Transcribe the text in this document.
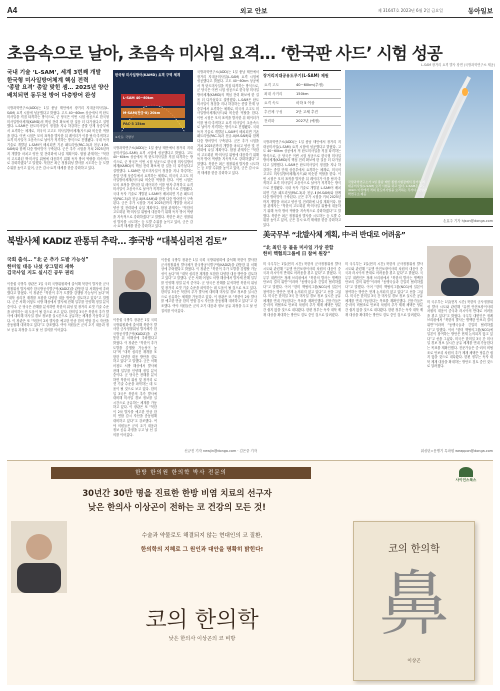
A4	외교 안보	제 31647호 2023년 6월 2일 금요일	동아일보
초음속으로 날아, 초음속 미사일 요격… ‘한국판 사드’ 시험 성공
L-SAM 장거리 요격 발사 장면 (국방과학연구소 제공)
국내 기술 ‘L-SAM’, 세계 3번째 개발
한국형 미사일방어체계 핵심 전력
‘종말 요격’ 총알 맞힌 셈… 2025년 양산
배치되면 동두천 방어 다층방어 완성
국방과학연구소(ADD)는 1일 충남 태안에서 장거리 지대공미사일(L-SAM) 요격 시험에 성공했다고 밝혔다. 고도 40~60km 상공에서 적 탄도미사일을 직접 타격하는 방식으로, 군 당국은 이번 시험 성공으로 한국형 미사일방어체계(KAMD)의 핵심 전력 확보에 한 걸음 더 다가섰다고 설명했다. L-SAM은 탄도미사일이 정점을 지나 하강하는 종말 단계 상층부에서 요격하는 체계로, 미국의 고고도 미사일방어체계(사드)와 비슷한 역할을 한다. 이번 시험은 모의 표적을 발사한 뒤 레이더가 이를 탐지·추적하고 요격 미사일이 초음속으로 날아가 직격하는 방식으로 진행됐다. 국내 독자 기술로 개발된 L-SAM이 배치되면 기존 패트리엇(PAC-3)과 천궁-Ⅱ(M-SAM)와 함께 다층 방어망이 구축된다. 군은 추가 시험을 거쳐 2025년까지 개발을 마치고 양산 및 전력화에 나설 계획이다. 합참 관계자는 “북한의 고도화된 핵·미사일 위협에 대응하기 위해 독자 방어 역량을 지속적으로 강화하겠다”고 말했다. 북한은 최근 정찰위성 발사를 시도하는 등 도발 수위를 높이고 있어, 군은 감시·요격 태세를 한층 강화하고 있다.
한국형 미사일방어(KAMD) 요격 구역 체계
L-SAM 40~60km
M-SAM(천궁-Ⅱ) 20km
PAC-3 15km
※자료: 국방부
국방과학연구소(ADD)는 1일 충남 태안에서 장거리 지대공미사일(L-SAM) 요격 시험에 성공했다고 밝혔다. 고도 40~60km 상공에서 적 탄도미사일을 직접 타격하는 방식으로, 군 당국은 이번 시험 성공으로 한국형 미사일방어체계(KAMD)의 핵심 전력 확보에 한 걸음 더 다가섰다고 설명했다. L-SAM은 탄도미사일이 정점을 지나 하강하는 종말 단계 상층부에서 요격하는 체계로, 미국의 고고도 미사일방어체계(사드)와 비슷한 역할을 한다. 이번 시험은 모의 표적을 발사한 뒤 레이더가 이를 탐지·추적하고 요격 미사일이 초음속으로 날아가 직격하는 방식으로 진행됐다. 국내 독자 기술로 개발된 L-SAM이 배치되면 기존 패트리엇(PAC-3)과 천궁-Ⅱ(M-SAM)와 함께 다층 방어망이 구축된다. 군은 추가 시험을 거쳐 2025년까지 개발을 마치고 양산 및 전력화에 나설 계획이다. 합참 관계자는 “북한의 고도화된 핵·미사일 위협에 대응하기 위해 독자 방어 역량을 지속적으로 강화하겠다”고 말했다. 북한은 최근 정찰위성 발사를 시도하는 등 도발 수위를 높이고 있어, 군은 감시·요격 태세를 한층 강화하고 있다.
국방과학연구소(ADD)는 1일 충남 태안에서 장거리 지대공미사일(L-SAM) 요격 시험에 성공했다고 밝혔다. 고도 40~60km 상공에서 적 탄도미사일을 직접 타격하는 방식으로, 군 당국은 이번 시험 성공으로 한국형 미사일방어체계(KAMD)의 핵심 전력 확보에 한 걸음 더 다가섰다고 설명했다. L-SAM은 탄도미사일이 정점을 지나 하강하는 종말 단계 상층부에서 요격하는 체계로, 미국의 고고도 미사일방어체계(사드)와 비슷한 역할을 한다. 이번 시험은 모의 표적을 발사한 뒤 레이더가 이를 탐지·추적하고 요격 미사일이 초음속으로 날아가 직격하는 방식으로 진행됐다. 국내 독자 기술로 개발된 L-SAM이 배치되면 기존 패트리엇(PAC-3)과 천궁-Ⅱ(M-SAM)와 함께 다층 방어망이 구축된다. 군은 추가 시험을 거쳐 2025년까지 개발을 마치고 양산 및 전력화에 나설 계획이다. 합참 관계자는 “북한의 고도화된 핵·미사일 위협에 대응하기 위해 독자 방어 역량을 지속적으로 강화하겠다”고 말했다. 북한은 최근 정찰위성 발사를 시도하는 등 도발 수위를 높이고 있어, 군은 감시·요격 태세를 한층 강화하고 있다.
장거리지대공유도무기(L-SAM) 제원
요격 고도	40~60km(추정)
최대 사거리	150km
요격 속도	마하 5 이상
추진체 구성	2단 고체 추진
전력화	2027년 (예정)
국방과학연구소(ADD)는 1일 충남 태안에서 장거리 지대공미사일(L-SAM) 요격 시험에 성공했다고 밝혔다. 고도 40~60km 상공에서 적 탄도미사일을 직접 타격하는 방식으로, 군 당국은 이번 시험 성공으로 한국형 미사일방어체계(KAMD)의 핵심 전력 확보에 한 걸음 더 다가섰다고 설명했다. L-SAM은 탄도미사일이 정점을 지나 하강하는 종말 단계 상층부에서 요격하는 체계로, 미국의 고고도 미사일방어체계(사드)와 비슷한 역할을 한다. 이번 시험은 모의 표적을 발사한 뒤 레이더가 이를 탐지·추적하고 요격 미사일이 초음속으로 날아가 직격하는 방식으로 진행됐다. 국내 독자 기술로 개발된 L-SAM이 배치되면 기존 패트리엇(PAC-3)과 천궁-Ⅱ(M-SAM)와 함께 다층 방어망이 구축된다. 군은 추가 시험을 거쳐 2025년까지 개발을 마치고 양산 및 전력화에 나설 계획이다. 합참 관계자는 “북한의 고도화된 핵·미사일 위협에 대응하기 위해 독자 방어 역량을 지속적으로 강화하겠다”고 말했다. 북한은 최근 정찰위성 발사를 시도하는 등 도발 수위를 높이고 있어, 군은 감시·요격 태세를 한층 강화하고 있다.
국방과학연구소가 1일 충남 태안 종합시험장에서 장거리 지대공미사일(L-SAM) 요격 시험을 하고 있다. L-SAM은 고도 40km 이상에서 적의 탄도미사일을 요격하는 무기다. 국방과학연구소 제공
손효주 기자 hjson@donga.com
美국무부 “北발사체 계획, 中·러 반대로 어려움”
“北 최인 등 불을 미사일 가상 관합
한미 핵협의그룹에 日 참여 원장”
미 국무부는 1일(현지 시간) 북한의 군사정찰위성 발사 시도와 관련해 “유엔 안전보장이사회 차원의 대응이 중국과 러시아의 반대로 어려움을 겪고 있다”고 밝혔다. 국무부 대변인은 정례 브리핑에서 “북한의 발사는 명백한 안보리 결의 위반”이라며 “동맹국들과 긴밀히 협력하겠다”고 말했다. 이어 “한미 핵협의그룹(NCG)에 일본이 참여하는 방안은 현재 논의되지 않고 있다”고 선을 그었다. 미국은 한미일 3국 간 미사일 경보 정보 실시간 공유 체계를 연내 가동한다는 목표를 재확인했다. 전문가들은 중·러의 비협조로 안보리 차원의 추가 제재 채택은 당분간 쉽지 않을 것으로 내다봤다. 한편 정부는 독자 대북 제재 대상을 확대하는 방안도 검토 중인 것으로 알려졌다.
미 국무부는 1일(현지 시간) 북한의 군사정찰위성 발사 시도와 관련해 “유엔 안전보장이사회 차원의 대응이 중국과 러시아의 반대로 어려움을 겪고 있다”고 밝혔다. 국무부 대변인은 정례 브리핑에서 “북한의 발사는 명백한 안보리 결의 위반”이라며 “동맹국들과 긴밀히 협력하겠다”고 말했다. 이어 “한미 핵협의그룹(NCG)에 일본이 참여하는 방안은 현재 논의되지 않고 있다”고 선을 그었다. 미국은 한미일 3국 간 미사일 경보 정보 실시간 공유 체계를 연내 가동한다는 목표를 재확인했다. 전문가들은 중·러의 비협조로 안보리 차원의 추가 제재 채택은 당분간 쉽지 않을 것으로 내다봤다. 한편 정부는 독자 대북 제재 대상을 확대하는 방안도 검토 중인 것으로 알려졌다.
미 국무부는 1일(현지 시간) 북한의 군사정찰위성 발사 시도와 관련해 “유엔 안전보장이사회 차원의 대응이 중국과 러시아의 반대로 어려움을 겪고 있다”고 밝혔다. 국무부 대변인은 정례 브리핑에서 “북한의 발사는 명백한 안보리 결의 위반”이라며 “동맹국들과 긴밀히 협력하겠다”고 말했다. 이어 “한미 핵협의그룹(NCG)에 일본이 참여하는 방안은 현재 논의되지 않고 있다”고 선을 그었다. 미국은 한미일 3국 간 미사일 경보 정보 실시간 공유 체계를 연내 가동한다는 목표를 재확인했다. 전문가들은 중·러의 비협조로 안보리 차원의 추가 제재 채택은 당분간 쉽지 않을 것으로 내다봤다. 한편 정부는 독자 대북 제재 대상을 확대하는 방안도 검토 중인 것으로 알려졌다.
워싱턴=문병기 특파원 weappon@donga.com
북발사체 KADIZ 관통뒤 추락… 李국방 “대북심리전 검토”
국회 출석… “北 군 추가 도발 가능성”
한미일 대응 나섰 상그밀리 새하
김국사일 지도 실시긴 공두 권리
이종섭 국방부 장관은 1일 국회 국방위원회에 출석해 북한이 발사한 군사정찰위성 발사체가 한국방공식별구역(KADIZ)을 관통한 뒤 서해상에 추락했다고 밝혔다. 이 장관은 “북한이 추가 도발을 감행할 가능성이 높다”며 “대북 심리전 재개를 포함한 다양한 대응 방안을 검토하고 있다”고 말했다. 군은 서해 어청도 서방 해상에서 발사체 잔해 일부를 인양해 정밀 분석 중이다. 군 당국은 잔해를 분석하면 북한의 위성 및 장거리 로켓 기술 수준을 파악하는 데 도움이 될 것으로 보고 있다. 한미일 3국은 북한의 추가 발사에 대비해 미사일 경보 정보를 실시간으로 공유하는 체계를 가동하고 있다. 이 장관은 또 “북한이 2차 발사를 예고한 만큼 한미 연합 감시 자산을 총동원해 대비하고 있다”고 강조했다. 여야 의원들은 군의 초기 대응과 정보 공유 과정을 두고 날 선 질의를 이어갔다.
이종섭 국방부 장관은 1일 국회 국방위원회에 출석해 북한이 발사한 군사정찰위성 발사체가 한국방공식별구역(KADIZ)을 관통한 뒤 서해상에 추락했다고 밝혔다. 이 장관은 “북한이 추가 도발을 감행할 가능성이 높다”며 “대북 심리전 재개를 포함한 다양한 대응 방안을 검토하고 있다”고 말했다. 군은 서해 어청도 서방 해상에서 발사체 잔해 일부를 인양해 정밀 분석 중이다. 군 당국은 잔해를 분석하면 북한의 위성 및 장거리 로켓 기술 수준을 파악하는 데 도움이 될 것으로 보고 있다. 한미일 3국은 북한의 추가 발사에 대비해 미사일 경보 정보를 실시간으로 공유하는 체계를 가동하고 있다. 이 장관은 또 “북한이 2차 발사를 예고한 만큼 한미 연합 감시 자산을 총동원해 대비하고 있다”고 강조했다. 여야 의원들은 군의 초기 대응과 정보 공유 과정을 두고 날 선 질의를 이어갔다.
이종섭 국방부 장관은 1일 국회 국방위원회에 출석해 북한이 발사한 군사정찰위성 발사체가 한국방공식별구역(KADIZ)을 관통한 뒤 서해상에 추락했다고 밝혔다. 이 장관은 “북한이 추가 도발을 감행할 가능성이 높다”며 “대북 심리전 재개를 포함한 다양한 대응 방안을 검토하고 있다”고 말했다. 군은 서해 어청도 서방 해상에서 발사체 잔해 일부를 인양해 정밀 분석 중이다. 군 당국은 잔해를 분석하면 북한의 위성 및 장거리 로켓 기술 수준을 파악하는 데 도움이 될 것으로 보고 있다. 한미일 3국은 북한의 추가 발사에 대비해 미사일 경보 정보를 실시간으로 공유하는 체계를 가동하고 있다. 이 장관은 또 “북한이 2차 발사를 예고한 만큼 한미 연합 감시 자산을 총동원해 대비하고 있다”고 강조했다. 여야 의원들은 군의 초기 대응과 정보 공유 과정을 두고 날 선 질의를 이어갔다.
신규진 기자 newjin@donga.com · 김은중 기자
한방 한의원 한의학 박사 전문의
사이언스북스
30년간 30만 명을 진료한 한방 비염 치료의 선구자
낮은 한의사 이상곤이 전하는 코 건강의 모든 것!
수술과 약물로도 해결되지 않는 현대인의 코 질환,
한의학의 지혜로 그 원인과 대안을 명확히 밝힌다!
코의 한의학
낮은 한의사 이상곤의 코 비방
코의 한의학
鼻
이상곤
